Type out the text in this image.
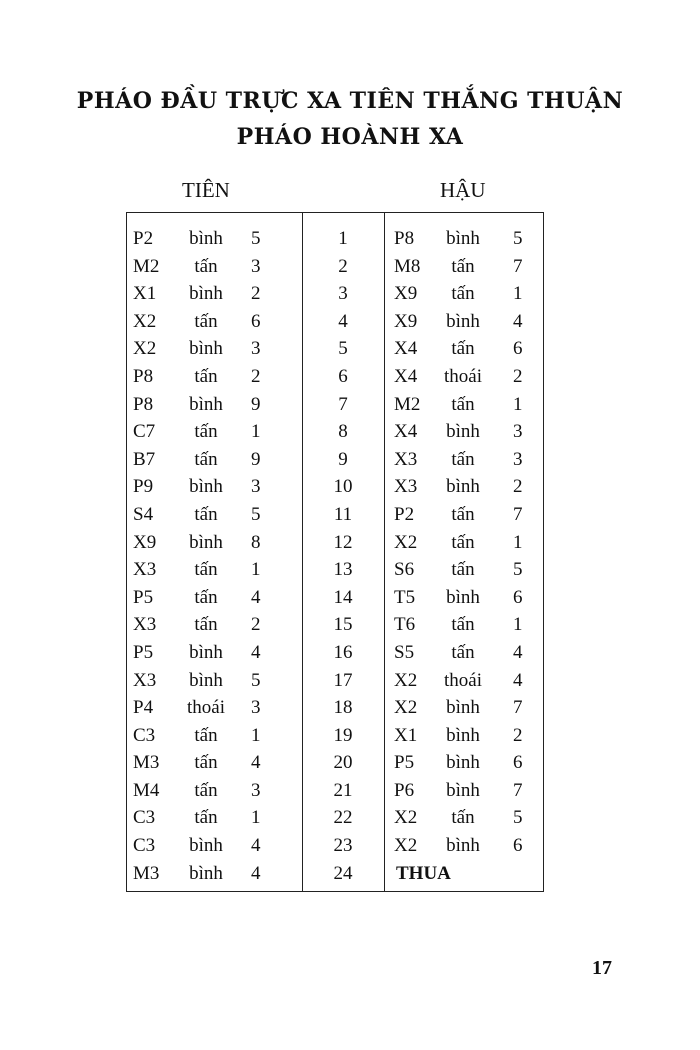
PHÁO ĐẦU TRỰC XA TIÊN THẮNG THUẬN
PHÁO HOÀNH XA
TIÊN	HẬU
P2 bình 5	1 P8 bình 5
M2 tấn 3	2 M8 tấn 7
X1 bình 2	3 X9 tấn 1
X2 tấn 6	4 X9 bình 4
X2 bình 3	5 X4 tấn 6
P8 tấn 2	6 X4 thoái 2
P8 bình 9	7 M2 tấn 1
C7 tấn 1	8 X4 bình 3
B7 tấn 9	9 X3 tấn 3
P9 bình 3	10 X3 bình 2
S4 tấn 5	11 P2 tấn 7
X9 bình 8	12 X2 tấn 1
X3 tấn 1	13 S6 tấn 5
P5 tấn 4	14 T5 bình 6
X3 tấn 2	15 T6 tấn 1
P5 bình 4	16 S5 tấn 4
X3 bình 5	17 X2 thoái 4
P4 thoái 3	18 X2 bình 7
C3 tấn 1	19 X1 bình 2
M3 tấn 4	20 P5 bình 6
M4 tấn 3	21 P6 bình 7
C3 tấn 1	22 X2 tấn 5
C3 bình 4	23 X2 bình 6
M3 bình 4	24 THUA
17
